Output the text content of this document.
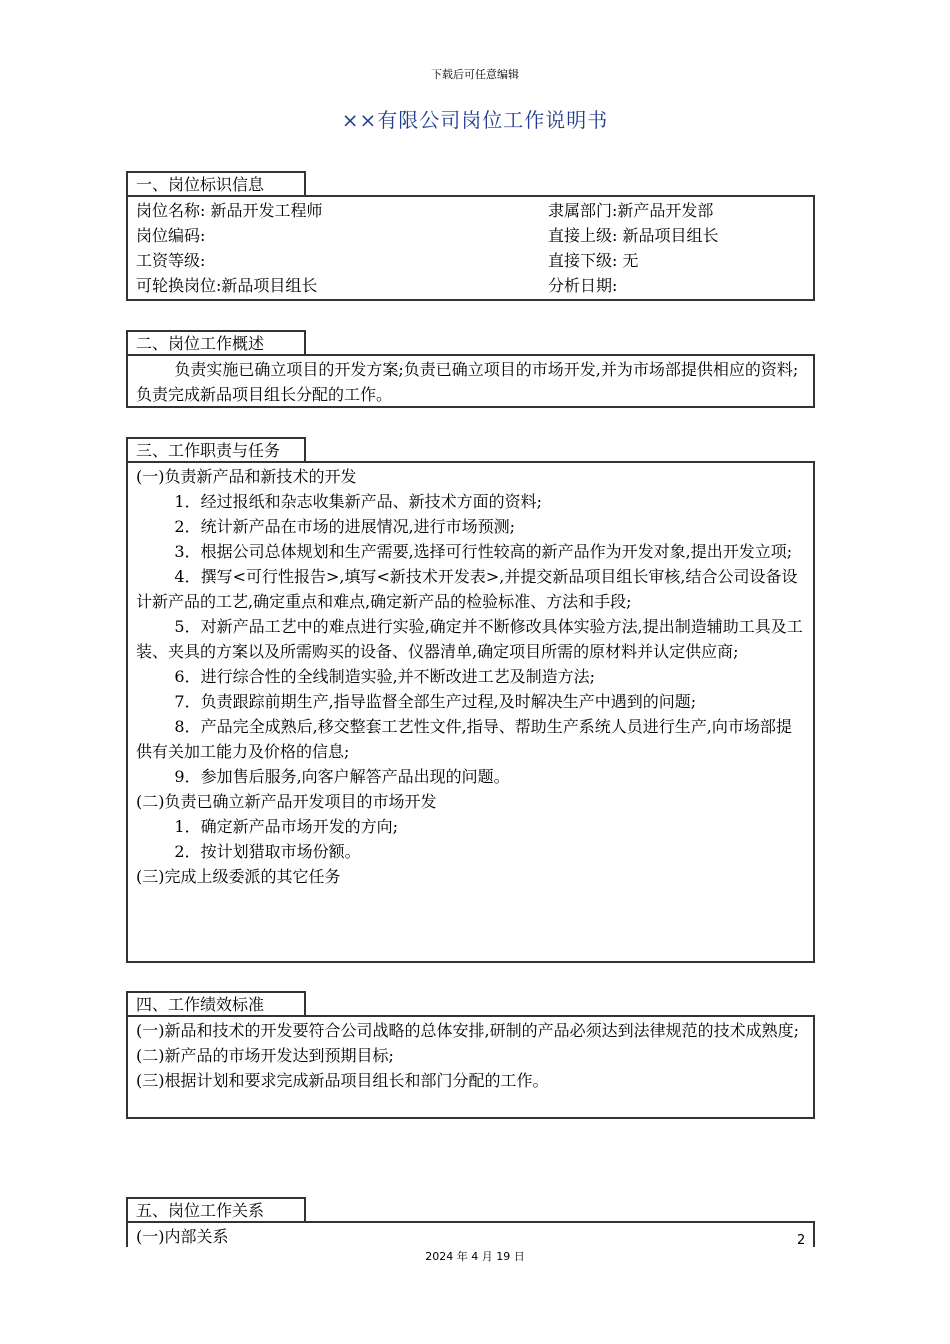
下载后可任意编辑
××有限公司岗位工作说明书
一、岗位标识信息
岗位名称: 新品开发工程师	隶属部门:新产品开发部
岗位编码:	直接上级: 新品项目组长
工资等级:	直接下级: 无
可轮换岗位:新品项目组长	分析日期:
二、岗位工作概述

负责实施已确立项目的开发方案;负责已确立项目的市场开发,并为市场部提供相应的资料;负责完成新品项目组长分配的工作。

三、工作职责与任务

(一)负责新产品和新技术的开发

1．经过报纸和杂志收集新产品、新技术方面的资料;

2．统计新产品在市场的进展情况,进行市场预测;

3．根据公司总体规划和生产需要,选择可行性较高的新产品作为开发对象,提出开发立项;

4．撰写<可行性报告>,填写<新技术开发表>,并提交新品项目组长审核,结合公司设备设计新产品的工艺,确定重点和难点,确定新产品的检验标准、方法和手段;

5．对新产品工艺中的难点进行实验,确定并不断修改具体实验方法,提出制造辅助工具及工装、夹具的方案以及所需购买的设备、仪器清单,确定项目所需的原材料并认定供应商;

6．进行综合性的全线制造实验,并不断改进工艺及制造方法;

7．负责跟踪前期生产,指导监督全部生产过程,及时解决生产中遇到的问题;

8．产品完全成熟后,移交整套工艺性文件,指导、帮助生产系统人员进行生产,向市场部提供有关加工能力及价格的信息;

9．参加售后服务,向客户解答产品出现的问题。

(二)负责已确立新产品开发项目的市场开发

1．确定新产品市场开发的方向;

2．按计划猎取市场份额。

(三)完成上级委派的其它任务

四、工作绩效标准

(一)新品和技术的开发要符合公司战略的总体安排,研制的产品必须达到法律规范的技术成熟度;

(二)新产品的市场开发达到预期目标;

(三)根据计划和要求完成新品项目组长和部门分配的工作。

五、岗位工作关系

(一)内部关系	2
2024 年 4 月 19 日
